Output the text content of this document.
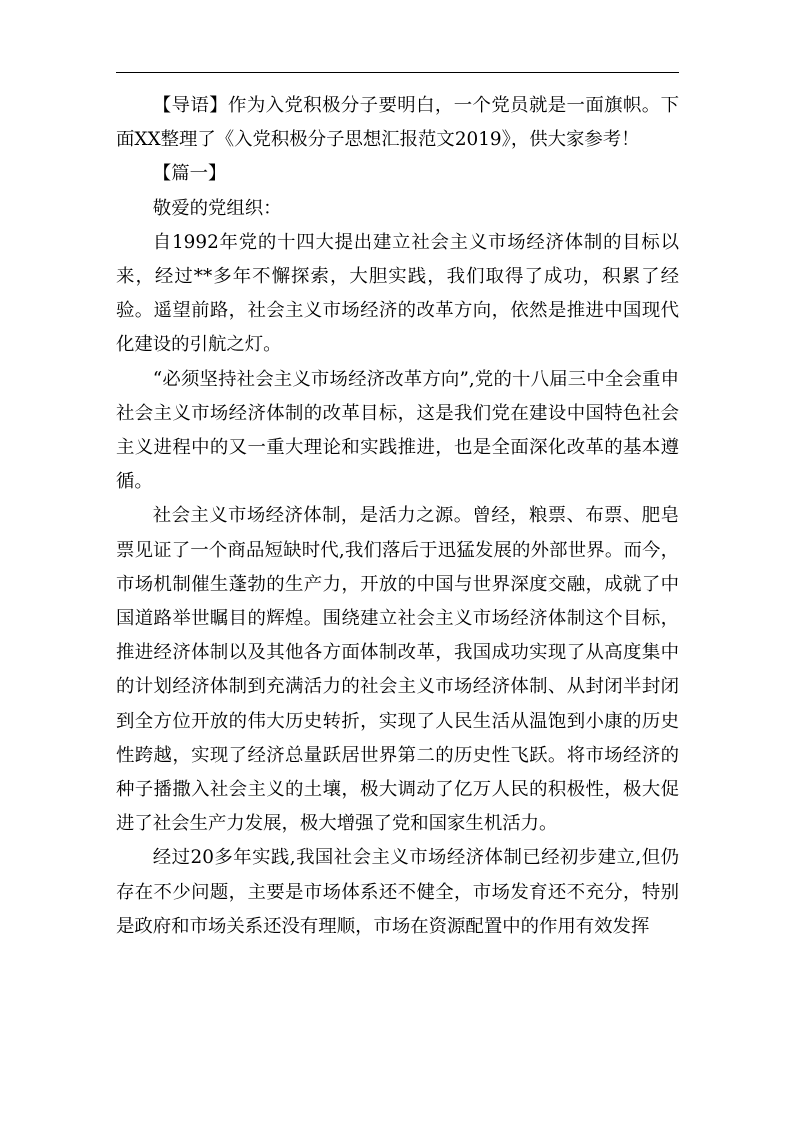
【导语】作为入党积极分子要明白，一个党员就是一面旗帜。下面XX整理了《入党积极分子思想汇报范文2019》，供大家参考！

【篇一】

敬爱的党组织：

自1992年党的十四大提出建立社会主义市场经济体制的目标以来，经过**多年不懈探索，大胆实践，我们取得了成功，积累了经验。遥望前路，社会主义市场经济的改革方向，依然是推进中国现代化建设的引航之灯。

“必须坚持社会主义市场经济改革方向”,党的十八届三中全会重申社会主义市场经济体制的改革目标，这是我们党在建设中国特色社会主义进程中的又一重大理论和实践推进，也是全面深化改革的基本遵循。

社会主义市场经济体制，是活力之源。曾经，粮票、布票、肥皂票见证了一个商品短缺时代,我们落后于迅猛发展的外部世界。而今，市场机制催生蓬勃的生产力，开放的中国与世界深度交融，成就了中国道路举世瞩目的辉煌。围绕建立社会主义市场经济体制这个目标，推进经济体制以及其他各方面体制改革，我国成功实现了从高度集中的计划经济体制到充满活力的社会主义市场经济体制、从封闭半封闭到全方位开放的伟大历史转折，实现了人民生活从温饱到小康的历史性跨越，实现了经济总量跃居世界第二的历史性飞跃。将市场经济的种子播撒入社会主义的土壤，极大调动了亿万人民的积极性，极大促进了社会生产力发展，极大增强了党和国家生机活力。

经过20多年实践,我国社会主义市场经济体制已经初步建立,但仍存在不少问题，主要是市场体系还不健全，市场发育还不充分，特别是政府和市场关系还没有理顺，市场在资源配置中的作用有效发挥
